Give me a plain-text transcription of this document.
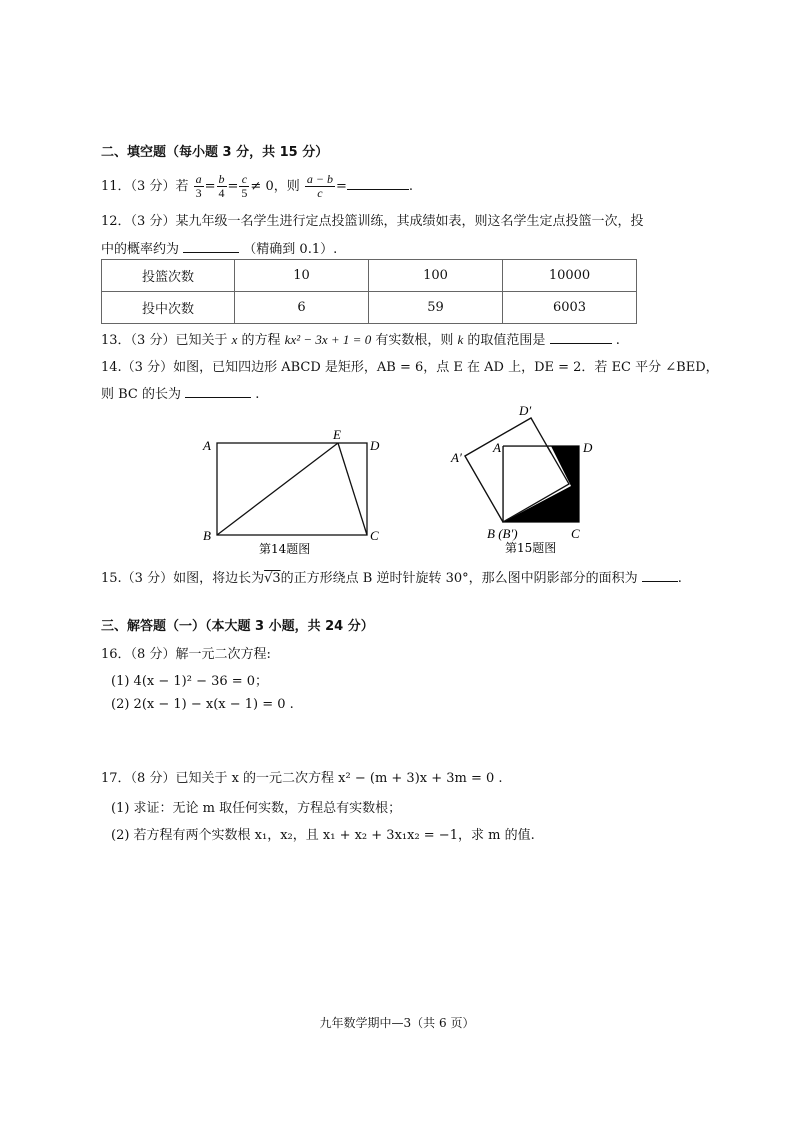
二、填空题（每小题 3 分，共 15 分）
11．（3 分）若 $\frac{a}{3} = \frac{b}{4} = \frac{c}{5} \ne 0$，则 $\frac{a - b}{c}$ =	.
12．（3 分）某九年级一名学生进行定点投篮训练，其成绩如表，则这名学生定点投篮一次，投
中的概率约为	（精确到 0.1）.
投篮次数	10	100	10000
投中次数	6	59	6003
13．（3 分）已知关于 x 的方程 kx² − 3x + 1 = 0 有实数根，则 k 的取值范围是	.
14.（3 分）如图，已知四边形 ABCD 是矩形，AB = 6，点 E 在 AD 上，DE = 2．若 EC 平分 ∠BED，
则 BC 的长为	.
A
B	C
D
E
第14题图
A
A′
D′
D
C
B (B′)
第15题图
15.（3 分）如图，将边长为√3的正方形绕点 B 逆时针旋转 30°，那么图中阴影部分的面积为	.
三、解答题（一）（本大题 3 小题，共 24 分）
16．（8 分）解一元二次方程:
(1) 4(x − 1)² − 36 = 0；
(2) 2(x − 1) − x(x − 1) = 0 .
17．（8 分）已知关于 x 的一元二次方程 x² − (m + 3)x + 3m = 0 .
(1) 求证：无论 m 取任何实数，方程总有实数根；
(2) 若方程有两个实数根 x₁，x₂，且 x₁ + x₂ + 3x₁x₂ = −1，求 m 的值.
九年数学期中—3（共 6 页）
